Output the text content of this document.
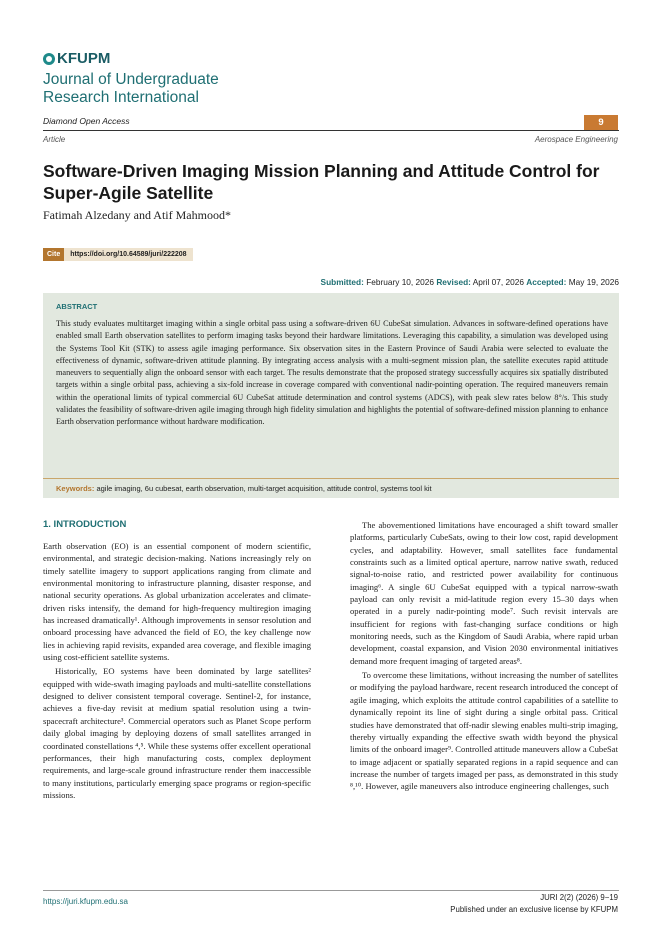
KFUPM
Journal of Undergraduate
Research International
Diamond Open Access	9
Article	Aerospace Engineering
Software-Driven Imaging Mission Planning and Attitude Control for
Super-Agile Satellite
Fatimah Alzedany and Atif Mahmood*
Cite	https://doi.org/10.64589/juri/222208
Submitted: February 10, 2026 Revised: April 07, 2026 Accepted: May 19, 2026
ABSTRACT
This study evaluates multitarget imaging within a single orbital pass using a software-driven 6U CubeSat simulation. Advances in software-defined operations have enabled small Earth observation satellites to perform imaging tasks beyond their hardware limitations. Leveraging this capability, a simulation was developed using the Systems Tool Kit (STK) to assess agile imaging performance. Six observation sites in the Eastern Province of Saudi Arabia were selected to evaluate the effectiveness of dynamic, software-driven attitude planning. By integrating access analysis with a multi-segment mission plan, the satellite executes rapid attitude maneuvers to sequentially align the onboard sensor with each target. The results demonstrate that the proposed strategy successfully acquires six spatially distributed targets within a single orbital pass, achieving a six-fold increase in coverage compared with conventional nadir-pointing operation. The required maneuvers remain within the operational limits of typical commercial 6U CubeSat attitude determination and control systems (ADCS), with peak slew rates below 8°/s. This study validates the feasibility of software-driven agile imaging through high fidelity simulation and highlights the potential of software-defined mission planning to enhance Earth observation performance without hardware modification.
Keywords: agile imaging, 6u cubesat, earth observation, multi-target acquisition, attitude control, systems tool kit
1. INTRODUCTION

Earth observation (EO) is an essential component of modern scientific, environmental, and strategic decision-making. Nations increasingly rely on timely satellite imagery to support applications ranging from climate and environmental monitoring to infrastructure planning, disaster response, and national security operations. As global urbanization accelerates and climate-driven risks intensify, the demand for high-frequency multiregion imaging has increased dramatically¹. Although improvements in sensor resolution and onboard processing have advanced the field of EO, the key challenge now lies in achieving rapid revisits, expanded area coverage, and flexible imaging using cost-efficient satellite systems.

Historically, EO systems have been dominated by large satellites² equipped with wide-swath imaging payloads and multi-satellite constellations designed to deliver consistent temporal coverage. Sentinel-2, for instance, achieves a five-day revisit at medium spatial resolution using a twin-spacecraft architecture³. Commercial operators such as Planet Scope perform daily global imaging by deploying dozens of small satellites arranged in coordinated constellations ⁴,⁵. While these systems offer excellent operational performances, their high manufacturing costs, complex deployment requirements, and large-scale ground infrastructure render them inaccessible to many institutions, particularly emerging space programs or region-specific missions.

The abovementioned limitations have encouraged a shift toward smaller platforms, particularly CubeSats, owing to their low cost, rapid development cycles, and adaptability. However, small satellites face fundamental constraints such as a limited optical aperture, narrow native swath, reduced signal-to-noise ratio, and restricted power availability for continuous imaging⁶. A single 6U CubeSat equipped with a typical narrow-swath payload can only revisit a mid-latitude region every 15–30 days when operated in a purely nadir-pointing mode⁷. Such revisit intervals are insufficient for regions with fast-changing surface conditions or high monitoring needs, such as the Kingdom of Saudi Arabia, where rapid urban development, coastal expansion, and Vision 2030 environmental initiatives demand more frequent imaging of targeted areas⁸.

To overcome these limitations, without increasing the number of satellites or modifying the payload hardware, recent research introduced the concept of agile imaging, which exploits the attitude control capabilities of a satellite to dynamically repoint its line of sight during a single orbital pass. Critical studies have demonstrated that off-nadir slewing enables multi-strip imaging, thereby virtually expanding the effective swath width beyond the physical limits of the onboard imager⁹. Controlled attitude maneuvers allow a CubeSat to image adjacent or spatially separated regions in a rapid sequence and can increase the number of targets imaged per pass, as demonstrated in this study ⁸,¹⁰. However, agile maneuvers also introduce engineering challenges, such

https://juri.kfupm.edu.sa	JURI 2(2) (2026) 9−19
Published under an exclusive license by KFUPM
